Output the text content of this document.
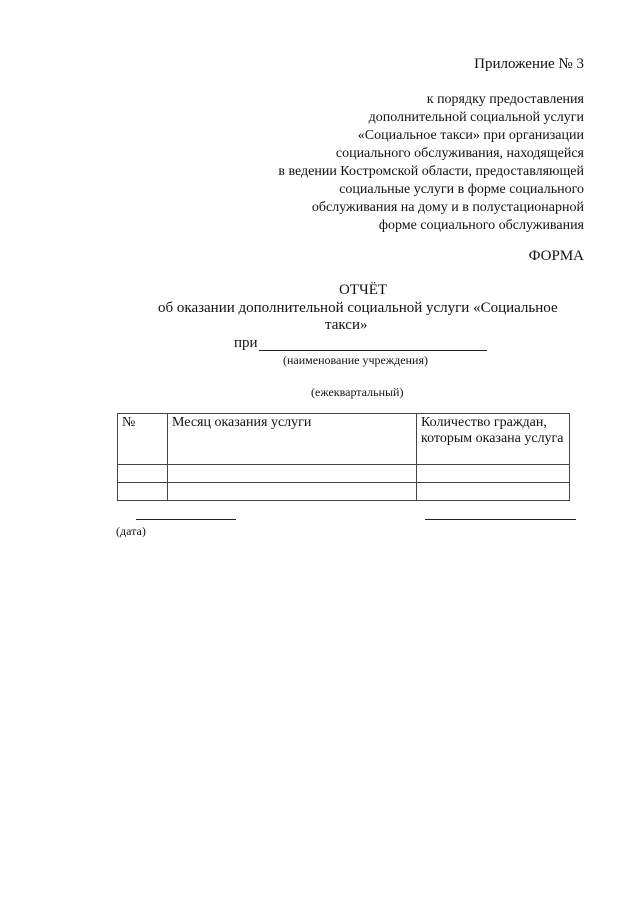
Приложение № 3
к порядку предоставления
дополнительной социальной услуги
«Социальное такси» при организации
социального обслуживания, находящейся
в ведении Костромской области, предоставляющей
социальные услуги в форме социального
обслуживания на дому и в полустационарной
форме социального обслуживания
ФОРМА
ОТЧЁТ
об оказании дополнительной социальной услуги «Социальное
такси»
при
(наименование учреждения)
(ежеквартальный)
№	Месяц оказания услуги	Количество граждан, которым оказана услуга

(дата)
